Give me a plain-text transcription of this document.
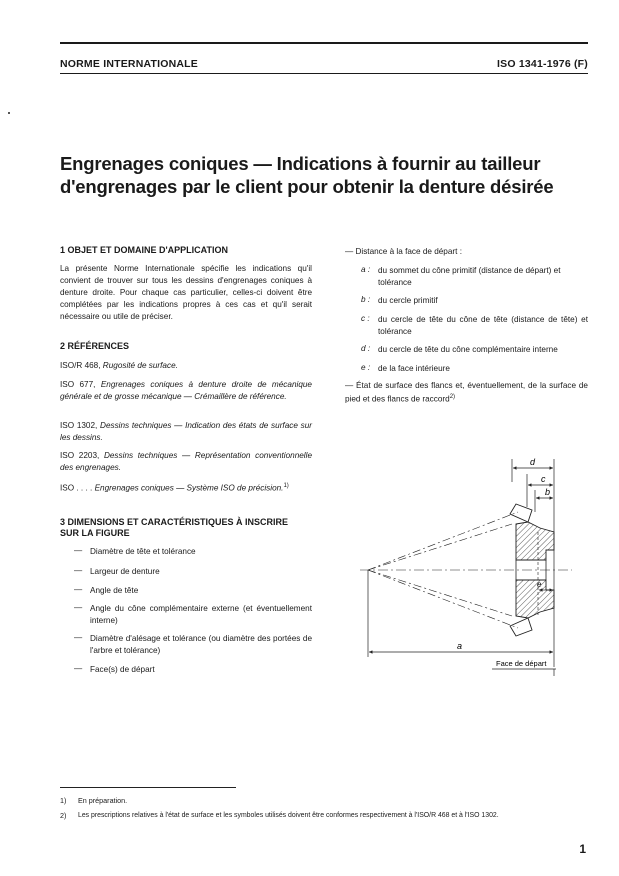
NORME INTERNATIONALE	ISO 1341-1976 (F)
Engrenages coniques — Indications à fournir au tailleur
d'engrenages par le client pour obtenir la denture désirée
1 OBJET ET DOMAINE D'APPLICATION
La présente Norme Internationale spécifie les indications qu'il convient de trouver sur tous les dessins d'engrenages coniques à denture droite. Pour chaque cas particulier, celles-ci doivent être complétées par les indications propres à ces cas et qu'il serait nécessaire ou utile de préciser.
2 RÉFÉRENCES
ISO/R 468, Rugosité de surface.
ISO 677, Engrenages coniques à denture droite de mécanique générale et de grosse mécanique — Crémaillère de référence.
ISO 1302, Dessins techniques — Indication des états de surface sur les dessins.
ISO 2203, Dessins techniques — Représentation conventionnelle des engrenages.
ISO . . . . Engrenages coniques — Système ISO de précision.$^{1)}$
3 DIMENSIONS ET CARACTÉRISTIQUES À INSCRIRE
SUR LA FIGURE
— Diamètre de tête et tolérance
— Largeur de denture
— Angle de tête
— Angle du cône complémentaire externe (et éventuellement interne)
— Diamètre d'alésage et tolérance (ou diamètre des portées de l'arbre et tolérance)
— Face(s) de départ
— Distance à la face de départ :
a : du sommet du cône primitif (distance de départ) et tolérance
b : du cercle primitif
c : du cercle de tête du cône de tête (distance de tête) et tolérance
d : du cercle de tête du cône complémentaire interne
e : de la face intérieure
— État de surface des flancs et, éventuellement, de la surface de pied et des flancs de raccord$^{2)}$
d
c
b
e
a
Face de départ
1) En préparation.
2) Les prescriptions relatives à l'état de surface et les symboles utilisés doivent être conformes respectivement à l'ISO/R 468 et à l'ISO 1302.
1
